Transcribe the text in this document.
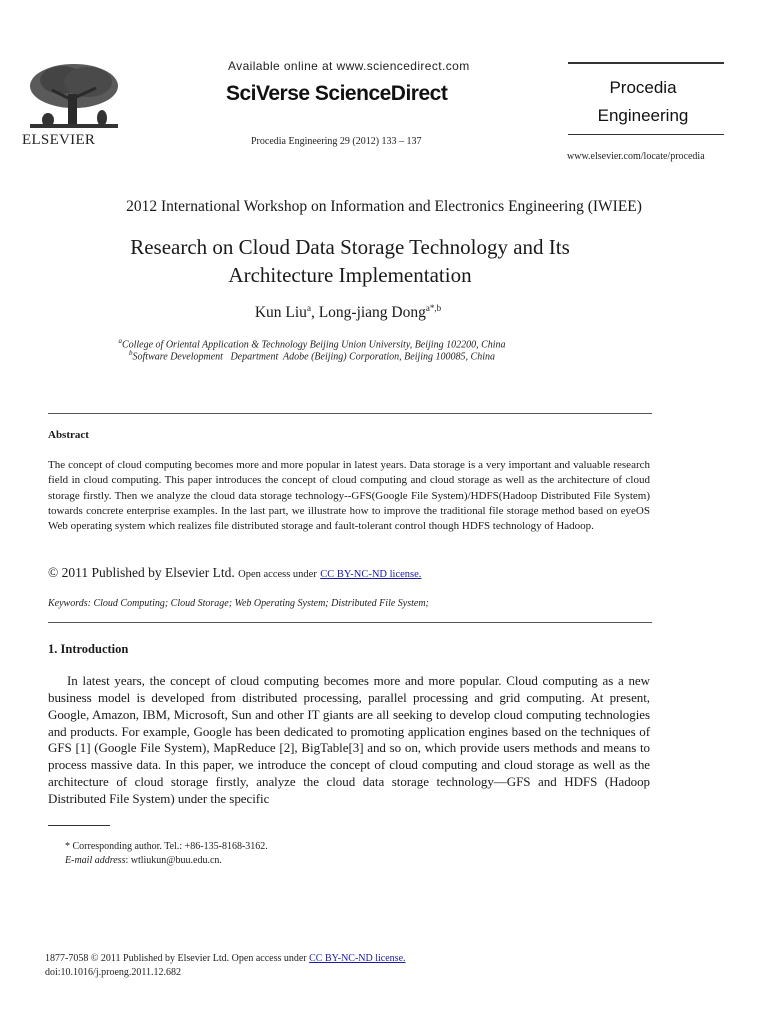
ELSEVIER
Available online at www.sciencedirect.com
SciVerse ScienceDirect
Procedia Engineering 29 (2012) 133 – 137
Procedia
Engineering
www.elsevier.com/locate/procedia
2012 International Workshop on Information and Electronics Engineering (IWIEE)
Research on Cloud Data Storage Technology and Its
Architecture Implementation
Kun Liu$^a$, Long-jiang Dong$^{a*,b}$
$^a$College of Oriental Application & Technology Beijing Union University, Beijing 102200, China
$^b$Software Development   Department  Adobe (Beijing) Corporation, Beijing 100085, China
Abstract
The concept of cloud computing becomes more and more popular in latest years. Data storage is a very important and valuable research field in cloud computing. This paper introduces the concept of cloud computing and cloud storage as well as the architecture of cloud storage firstly. Then we analyze the cloud data storage technology--GFS(Google File System)/HDFS(Hadoop Distributed File System) towards concrete enterprise examples. In the last part, we illustrate how to improve the traditional file storage method based on eyeOS Web operating system which realizes file distributed storage and fault-tolerant control though HDFS technology of Hadoop.
© 2011 Published by Elsevier Ltd. Open access under CC BY-NC-ND license.
Keywords: Cloud Computing; Cloud Storage; Web Operating System; Distributed File System;
1. Introduction
In latest years, the concept of cloud computing becomes more and more popular. Cloud computing as a new business model is developed from distributed processing, parallel processing and grid computing. At present, Google, Amazon, IBM, Microsoft, Sun and other IT giants are all seeking to develop cloud computing technologies and products. For example, Google has been dedicated to promoting application engines based on the techniques of GFS [1] (Google File System), MapReduce [2], BigTable[3] and so on, which provide users methods and means to process massive data. In this paper, we introduce the concept of cloud computing and cloud storage as well as the architecture of cloud storage firstly, analyze the cloud data storage technology—GFS and HDFS (Hadoop Distributed File System) under the specific
* Corresponding author. Tel.: +86-135-8168-3162.
E-mail address: wtliukun@buu.edu.cn.
1877-7058 © 2011 Published by Elsevier Ltd. Open access under CC BY-NC-ND license.
doi:10.1016/j.proeng.2011.12.682
